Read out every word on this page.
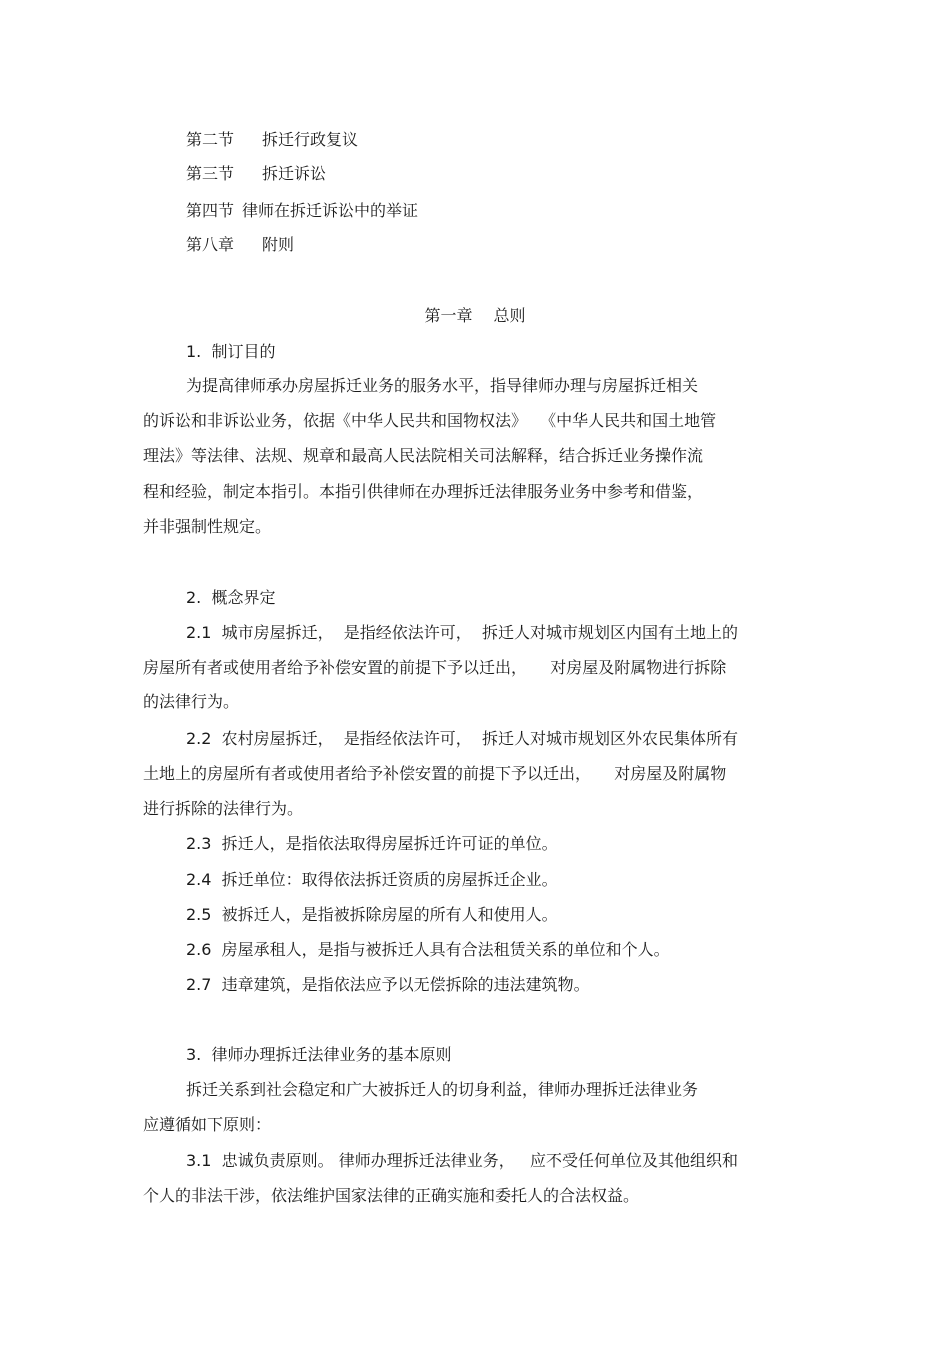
第二节 拆迁行政复议
第三节 拆迁诉讼
第四节 律师在拆迁诉讼中的举证
第八章 附则
第一章　 总则
1.  制订目的
为提高律师承办房屋拆迁业务的服务水平，指导律师办理与房屋拆迁相关
的诉讼和非诉讼业务，依据《中华人民共和国物权法》　 《中华人民共和国土地管
理法》等法律、法规、规章和最高人民法院相关司法解释，结合拆迁业务操作流
程和经验，制定本指引。本指引供律师在办理拆迁法律服务业务中参考和借鉴，
并非强制性规定。
2.  概念界定
2.1  城市房屋拆迁，  是指经依法许可，  拆迁人对城市规划区内国有土地上的
房屋所有者或使用者给予补偿安置的前提下予以迁出，　   对房屋及附属物进行拆除
的法律行为。
2.2  农村房屋拆迁，  是指经依法许可，  拆迁人对城市规划区外农民集体所有
土地上的房屋所有者或使用者给予补偿安置的前提下予以迁出，　   对房屋及附属物
进行拆除的法律行为。
2.3  拆迁人，是指依法取得房屋拆迁许可证的单位。
2.4  拆迁单位：取得依法拆迁资质的房屋拆迁企业。
2.5  被拆迁人，是指被拆除房屋的所有人和使用人。
2.6  房屋承租人，是指与被拆迁人具有合法租赁关系的单位和个人。
2.7  违章建筑，是指依法应予以无偿拆除的违法建筑物。
3.  律师办理拆迁法律业务的基本原则
拆迁关系到社会稳定和广大被拆迁人的切身利益，律师办理拆迁法律业务
应遵循如下原则：
3.1  忠诚负责原则。 律师办理拆迁法律业务，   应不受任何单位及其他组织和
个人的非法干涉，依法维护国家法律的正确实施和委托人的合法权益。
